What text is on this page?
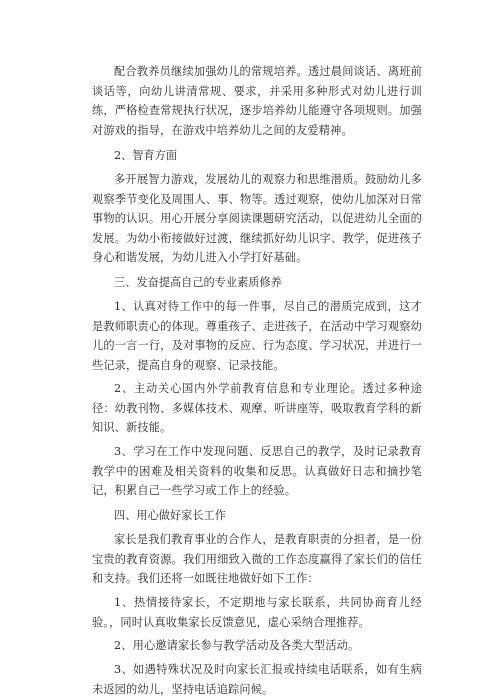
配合教养员继续加强幼儿的常规培养。透过晨间谈话、离班前谈话等，向幼儿讲清常规、要求，并采用多种形式对幼儿进行训练，严格检查常规执行状况，逐步培养幼儿能遵守各项规则。加强对游戏的指导，在游戏中培养幼儿之间的友爱精神。

2、智育方面

多开展智力游戏，发展幼儿的观察力和思维潜质。鼓励幼儿多观察季节变化及周围人、事、物等。透过观察，使幼儿加深对日常事物的认识。用心开展分享阅读课题研究活动，以促进幼儿全面的发展。为幼小衔接做好过渡，继续抓好幼儿识字、教学，促进孩子身心和谐发展，为幼儿进入小学打好基础。

三、发奋提高自己的专业素质修养

1、认真对待工作中的每一件事，尽自己的潜质完成到，这才是教师职责心的体现。尊重孩子、走进孩子，在活动中学习观察幼儿的一言一行，及对事物的反应、行为态度、学习状况，并进行一些记录，提高自身的观察、记录技能。

2、主动关心国内外学前教育信息和专业理论。透过多种途径：幼教刊物、多媒体技术、观摩、听讲座等，吸取教育学科的新知识、新技能。

3、学习在工作中发现问题、反思自己的教学，及时记录教育教学中的困难及相关资料的收集和反思。认真做好日志和摘抄笔记，积累自己一些学习或工作上的经验。

四、用心做好家长工作

家长是我们教育事业的合作人，是教育职责的分担者，是一份宝贵的教育资源。我们用细致入微的工作态度赢得了家长们的信任和支持。我们还将一如既往地做好如下工作：

1、热情接待家长，不定期地与家长联系，共同协商育儿经验。，同时认真收集家长反馈意见，虚心采纳合理推荐。

2、用心邀请家长参与教学活动及各类大型活动。

3、如遇特殊状况及时向家长汇报或持续电话联系，如有生病未返园的幼儿，坚持电话追踪问候。
